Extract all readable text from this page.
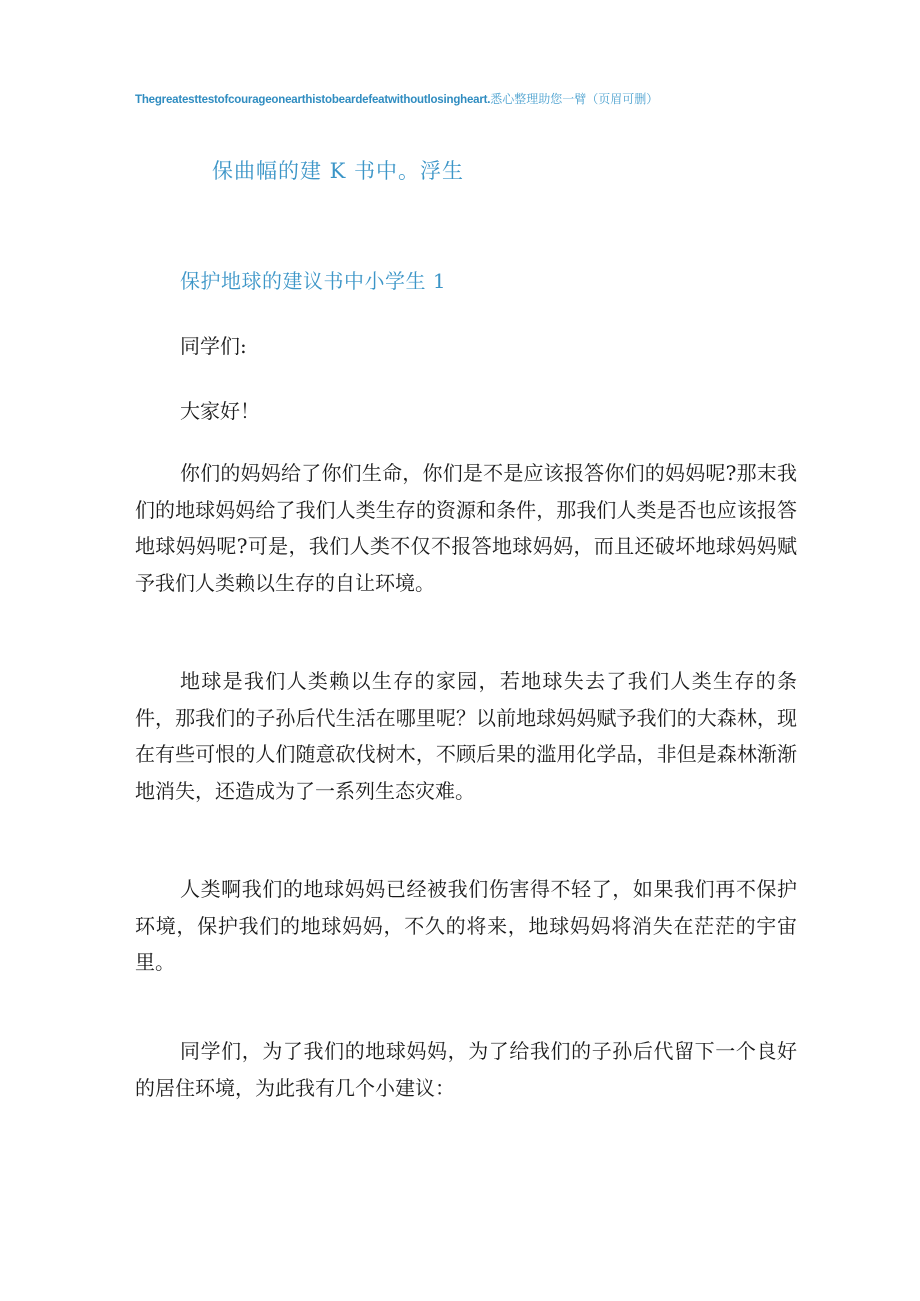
Thegreatesttestofcourageonearthistobeardefeatwithoutlosingheart.悉心整理助您一臂（页眉可删）
保曲幅的建 K 书中。浮生
保护地球的建议书中小学生 1
同学们:
大家好！

你们的妈妈给了你们生命，你们是不是应该报答你们的妈妈呢?那末我们的地球妈妈给了我们人类生存的资源和条件，那我们人类是否也应该报答地球妈妈呢?可是，我们人类不仅不报答地球妈妈，而且还破坏地球妈妈赋予我们人类赖以生存的自让环境。

地球是我们人类赖以生存的家园，若地球失去了我们人类生存的条件，那我们的子孙后代生活在哪里呢？以前地球妈妈赋予我们的大森林，现在有些可恨的人们随意砍伐树木，不顾后果的滥用化学品，非但是森林渐渐地消失，还造成为了一系列生态灾难。

人类啊我们的地球妈妈已经被我们伤害得不轻了，如果我们再不保护环境，保护我们的地球妈妈，不久的将来，地球妈妈将消失在茫茫的宇宙里。

同学们，为了我们的地球妈妈，为了给我们的子孙后代留下一个良好的居住环境，为此我有几个小建议：
